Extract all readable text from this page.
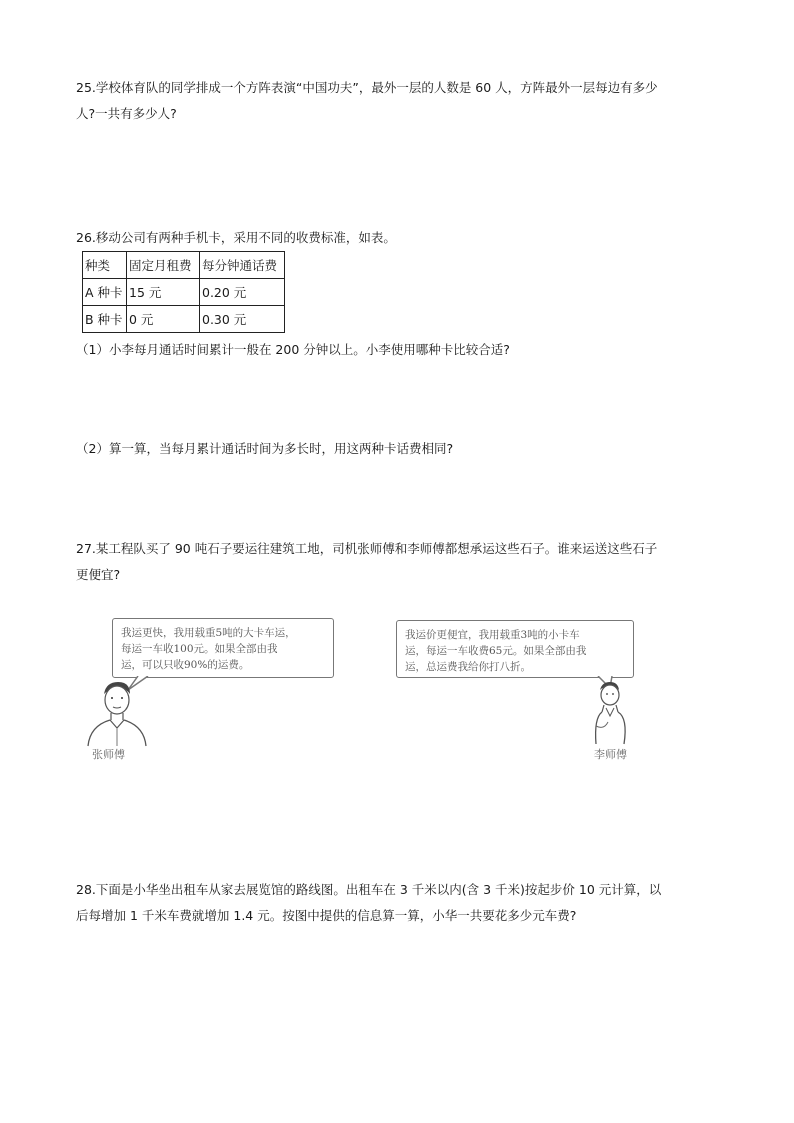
25.学校体育队的同学排成一个方阵表演“中国功夫”，最外一层的人数是 60 人，方阵最外一层每边有多少
人?一共有多少人?
26.移动公司有两种手机卡，采用不同的收费标准，如表。
种类	固定月租费	每分钟通话费
A 种卡	15 元	0.20 元
B 种卡	0 元	0.30 元
（1）小李每月通话时间累计一般在 200 分钟以上。小李使用哪种卡比较合适?
（2）算一算，当每月累计通话时间为多长时，用这两种卡话费相同?
27.某工程队买了 90 吨石子要运往建筑工地，司机张师傅和李师傅都想承运这些石子。谁来运送这些石子
更便宜?
我运更快，我用载重5吨的大卡车运，
每运一车收100元。如果全部由我
运，可以只收90%的运费。
张师傅
我运价更便宜，我用载重3吨的小卡车
运，每运一车收费65元。如果全部由我
运，总运费我给你打八折。
李师傅
28.下面是小华坐出租车从家去展览馆的路线图。出租车在 3 千米以内(含 3 千米)按起步价 10 元计算，以
后每增加 1 千米车费就增加 1.4 元。按图中提供的信息算一算，小华一共要花多少元车费?
